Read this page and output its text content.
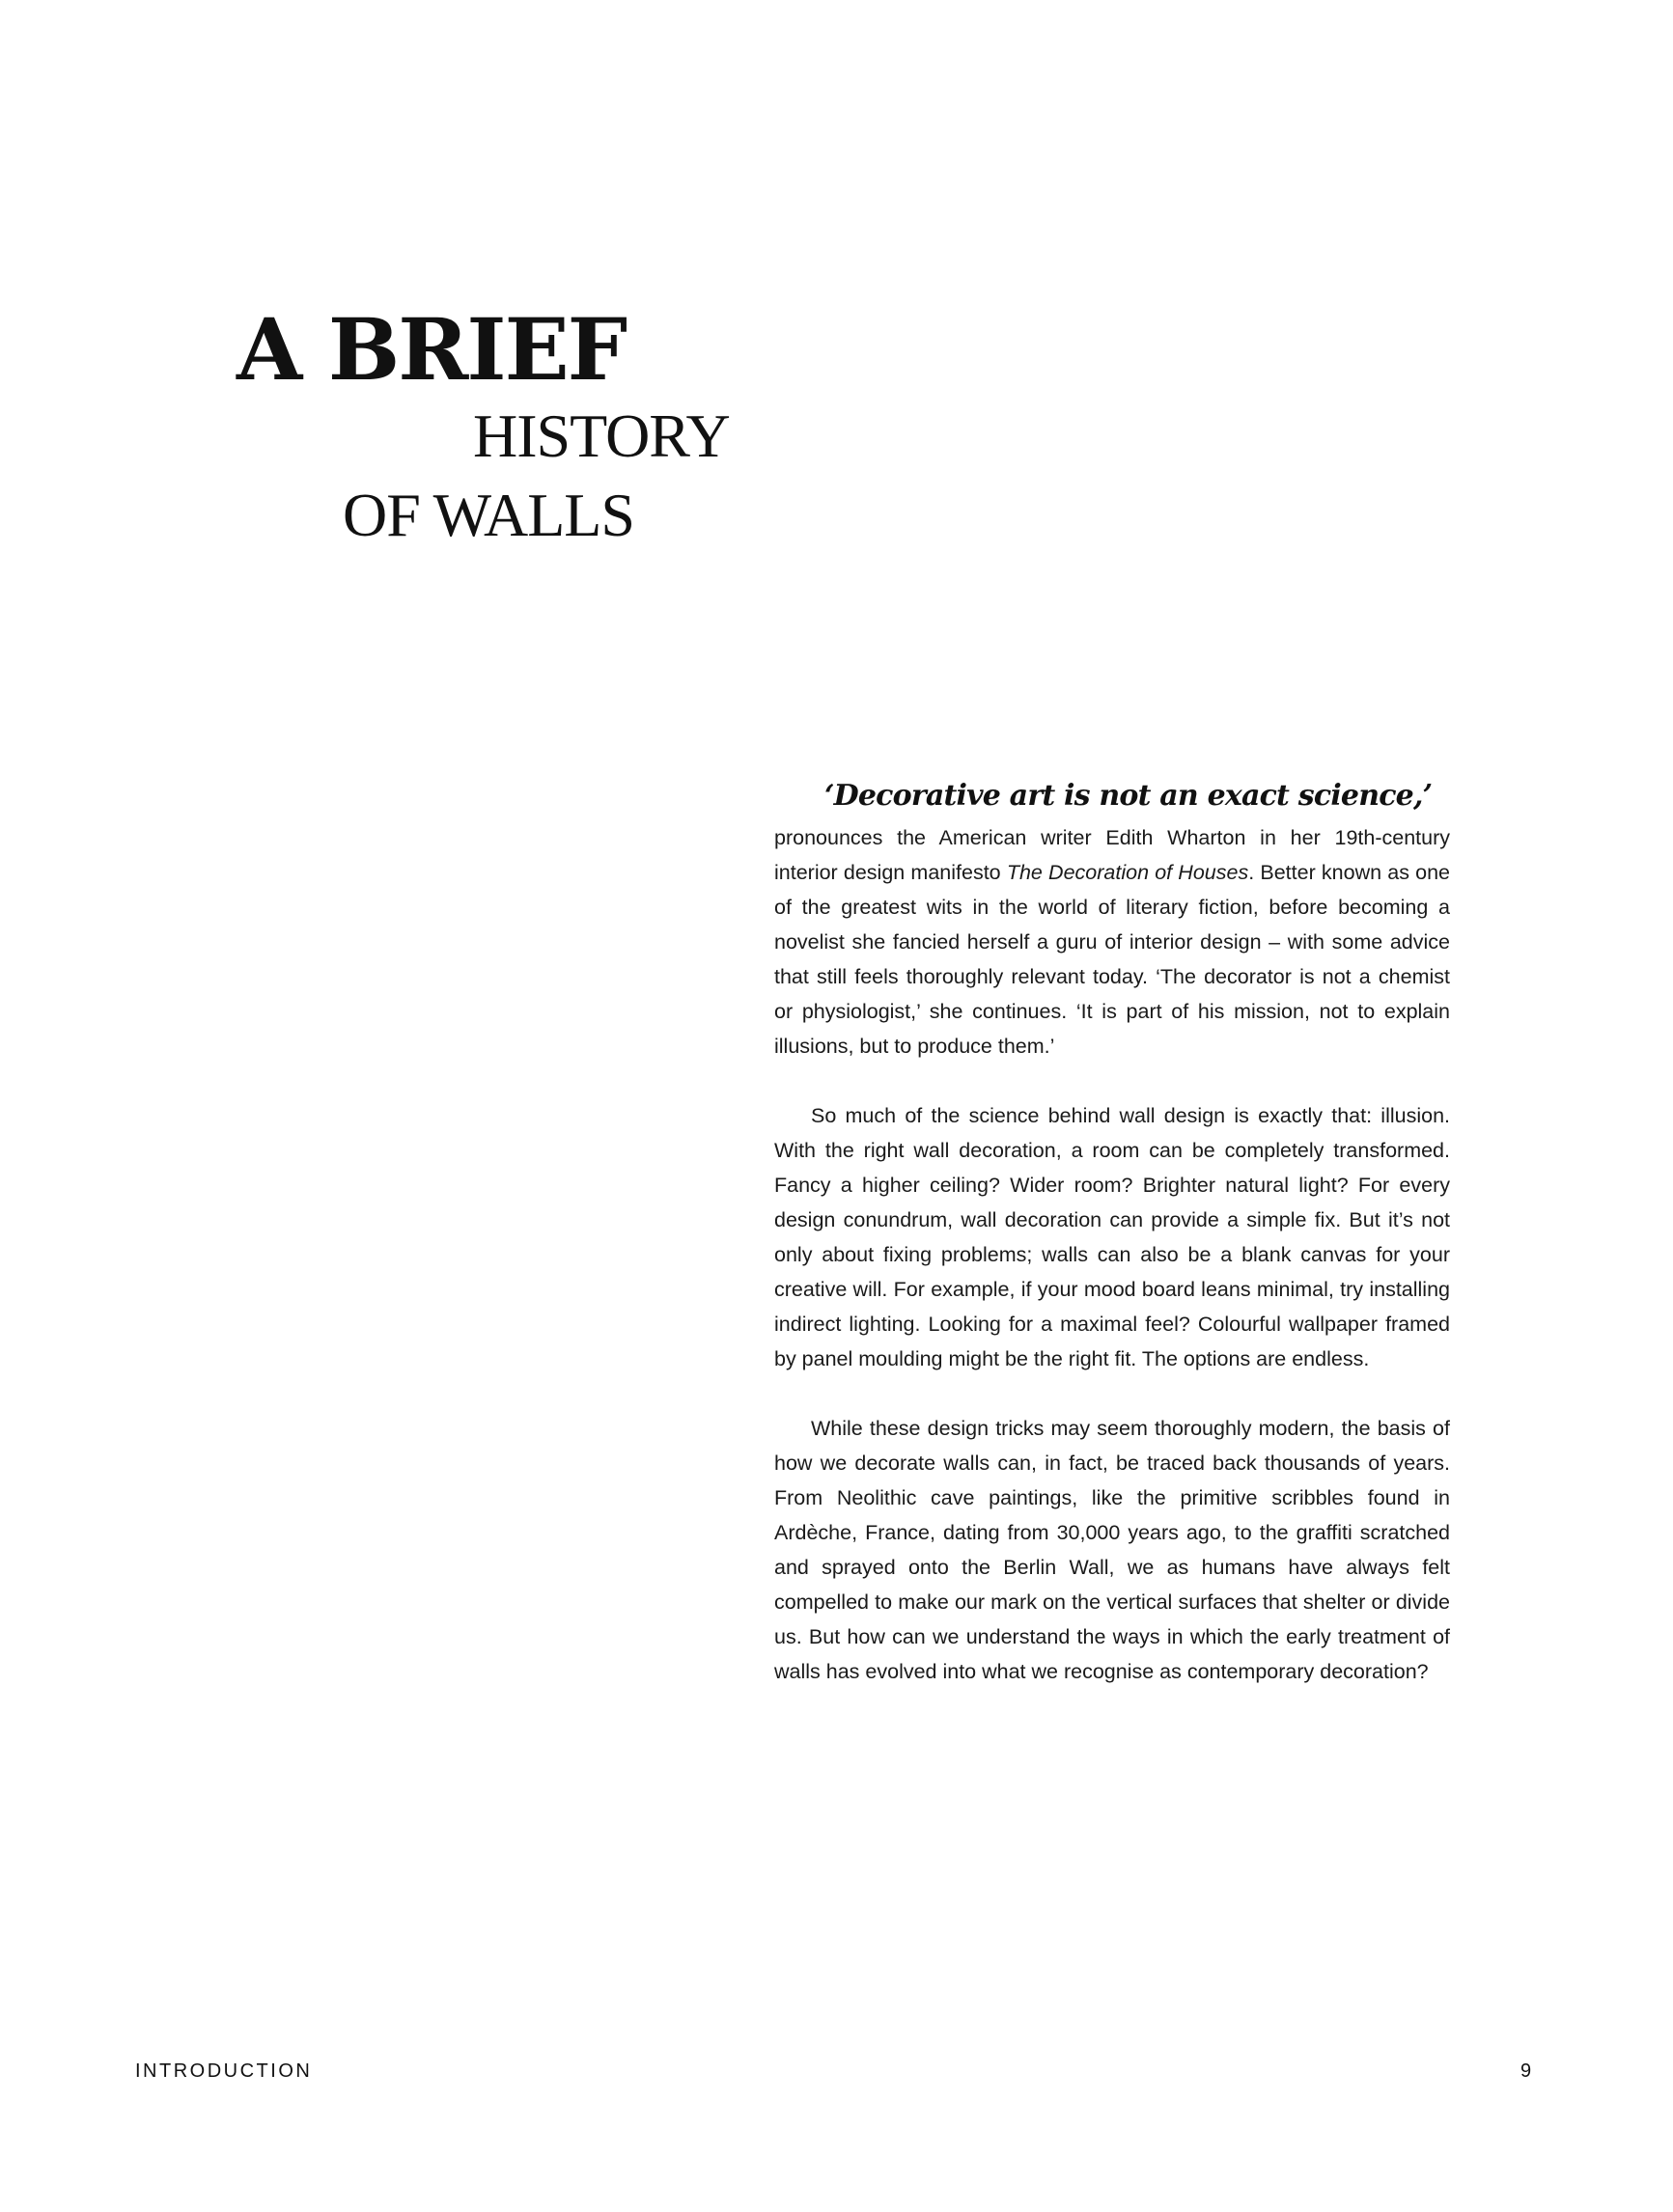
A BRIEF
HISTORY
OF WALLS

‘Decorative art is not an exact science,’

pronounces the American writer Edith Wharton in her 19th-century interior design manifesto The Decoration of Houses. Better known as one of the greatest wits in the world of literary fiction, before becoming a novelist she fancied herself a guru of interior design – with some advice that still feels thoroughly relevant today. ‘The decorator is not a chemist or physiologist,’ she continues. ‘It is part of his mission, not to explain illusions, but to produce them.’

So much of the science behind wall design is exactly that: illusion. With the right wall decoration, a room can be completely transformed. Fancy a higher ceiling? Wider room? Brighter natural light? For every design conundrum, wall decoration can provide a simple fix. But it’s not only about fixing problems; walls can also be a blank canvas for your creative will. For example, if your mood board leans minimal, try installing indirect lighting. Looking for a maximal feel? Colourful wallpaper framed by panel moulding might be the right fit. The options are endless.

While these design tricks may seem thoroughly modern, the basis of how we decorate walls can, in fact, be traced back thousands of years. From Neolithic cave paintings, like the primitive scribbles found in Ardèche, France, dating from 30,000 years ago, to the graffiti scratched and sprayed onto the Berlin Wall, we as humans have always felt compelled to make our mark on the vertical surfaces that shelter or divide us. But how can we understand the ways in which the early treatment of walls has evolved into what we recognise as contemporary decoration?

INTRODUCTION	9
